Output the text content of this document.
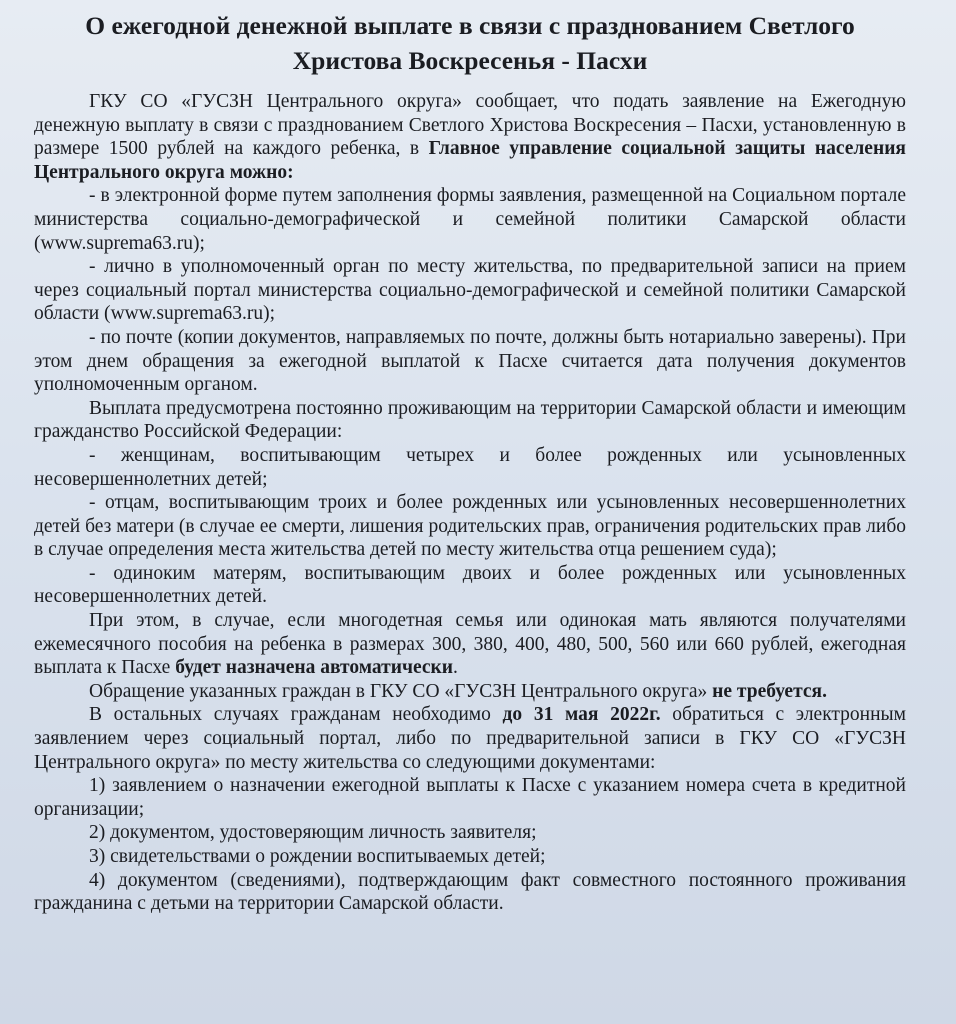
О ежегодной денежной выплате в связи с празднованием Светлого
Христова Воскресенья - Пасхи

ГКУ СО «ГУСЗН Центрального округа» сообщает, что подать заявление на Ежегодную денежную выплату в связи с празднованием Светлого Христова Воскресения – Пасхи, установленную в размере 1500 рублей на каждого ребенка, в Главное управление социальной защиты населения Центрального округа можно:

- в электронной форме путем заполнения формы заявления, размещенной на Социальном портале министерства социально-демографической и семейной политики Самарской области (www.suprema63.ru);

- лично в уполномоченный орган по месту жительства, по предварительной записи на прием через социальный портал министерства социально-демографической и семейной политики Самарской области (www.suprema63.ru);

- по почте (копии документов, направляемых по почте, должны быть нотариально заверены). При этом днем обращения за ежегодной выплатой к Пасхе считается дата получения документов уполномоченным органом.

Выплата предусмотрена постоянно проживающим на территории Самарской области и имеющим гражданство Российской Федерации:

- женщинам, воспитывающим четырех и более рожденных или усыновленных несовершеннолетних детей;

- отцам, воспитывающим троих и более рожденных или усыновленных несовершеннолетних детей без матери (в случае ее смерти, лишения родительских прав, ограничения родительских прав либо в случае определения места жительства детей по месту жительства отца решением суда);

- одиноким матерям, воспитывающим двоих и более рожденных или усыновленных несовершеннолетних детей.

При этом, в случае, если многодетная семья или одинокая мать являются получателями ежемесячного пособия на ребенка в размерах 300, 380, 400, 480, 500, 560 или 660 рублей, ежегодная выплата к Пасхе будет назначена автоматически.

Обращение указанных граждан в ГКУ СО «ГУСЗН Центрального округа» не требуется.

В остальных случаях гражданам необходимо до 31 мая 2022г. обратиться с электронным заявлением через социальный портал, либо по предварительной записи в ГКУ СО «ГУСЗН Центрального округа» по месту жительства со следующими документами:

1) заявлением о назначении ежегодной выплаты к Пасхе с указанием номера счета в кредитной организации;

2) документом, удостоверяющим личность заявителя;

3) свидетельствами о рождении воспитываемых детей;

4) документом (сведениями), подтверждающим факт совместного постоянного проживания гражданина с детьми на территории Самарской области.
